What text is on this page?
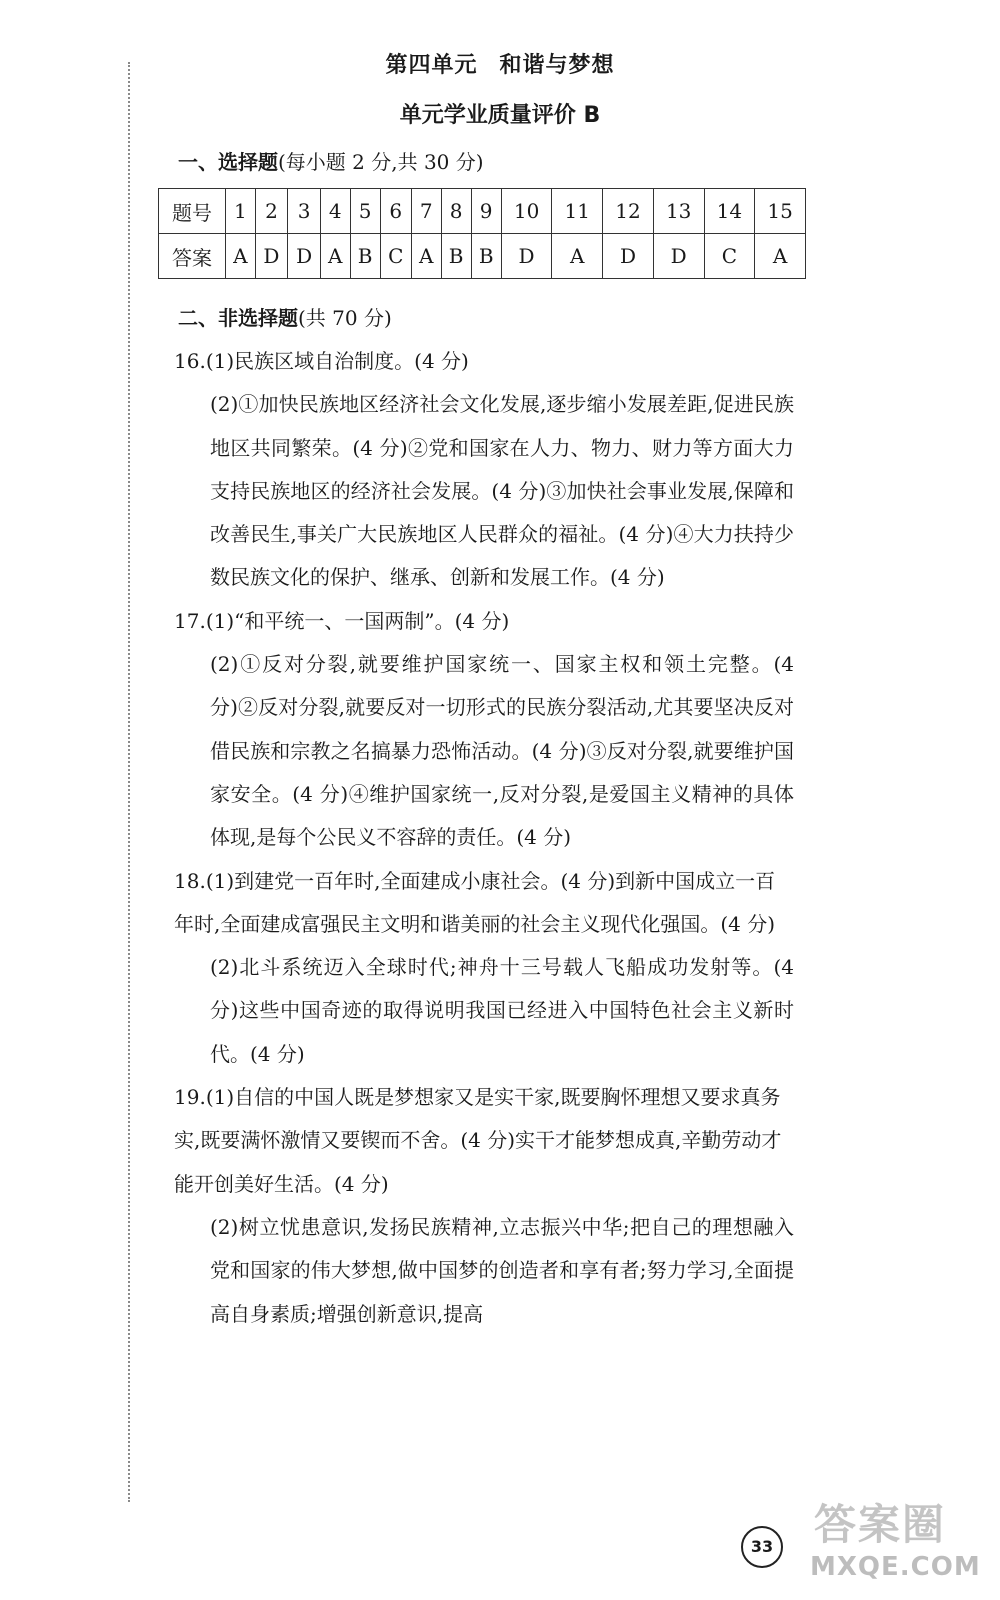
第四单元 和谐与梦想
单元学业质量评价 B
一、选择题(每小题 2 分,共 30 分)
题号	1	2	3	4	5	6	7	8	9	10	11	12	13	14	15
答案	A	D	D	A	B	C	A	B	B	D	A	D	D	C	A
二、非选择题(共 70 分)

16.(1)民族区域自治制度。(4 分)

(2)①加快民族地区经济社会文化发展,逐步缩小发展差距,促进民族地区共同繁荣。(4 分)②党和国家在人力、物力、财力等方面大力支持民族地区的经济社会发展。(4 分)③加快社会事业发展,保障和改善民生,事关广大民族地区人民群众的福祉。(4 分)④大力扶持少数民族文化的保护、继承、创新和发展工作。(4 分)

17.(1)“和平统一、一国两制”。(4 分)

(2)①反对分裂,就要维护国家统一、国家主权和领土完整。(4 分)②反对分裂,就要反对一切形式的民族分裂活动,尤其要坚决反对借民族和宗教之名搞暴力恐怖活动。(4 分)③反对分裂,就要维护国家安全。(4 分)④维护国家统一,反对分裂,是爱国主义精神的具体体现,是每个公民义不容辞的责任。(4 分)

18.(1)到建党一百年时,全面建成小康社会。(4 分)到新中国成立一百年时,全面建成富强民主文明和谐美丽的社会主义现代化强国。(4 分)

(2)北斗系统迈入全球时代;神舟十三号载人飞船成功发射等。(4 分)这些中国奇迹的取得说明我国已经进入中国特色社会主义新时代。(4 分)

19.(1)自信的中国人既是梦想家又是实干家,既要胸怀理想又要求真务实,既要满怀激情又要锲而不舍。(4 分)实干才能梦想成真,辛勤劳动才能开创美好生活。(4 分)

(2)树立忧患意识,发扬民族精神,立志振兴中华;把自己的理想融入党和国家的伟大梦想,做中国梦的创造者和享有者;努力学习,全面提高自身素质;增强创新意识,提高

33 答案圈
MXQE.COM
